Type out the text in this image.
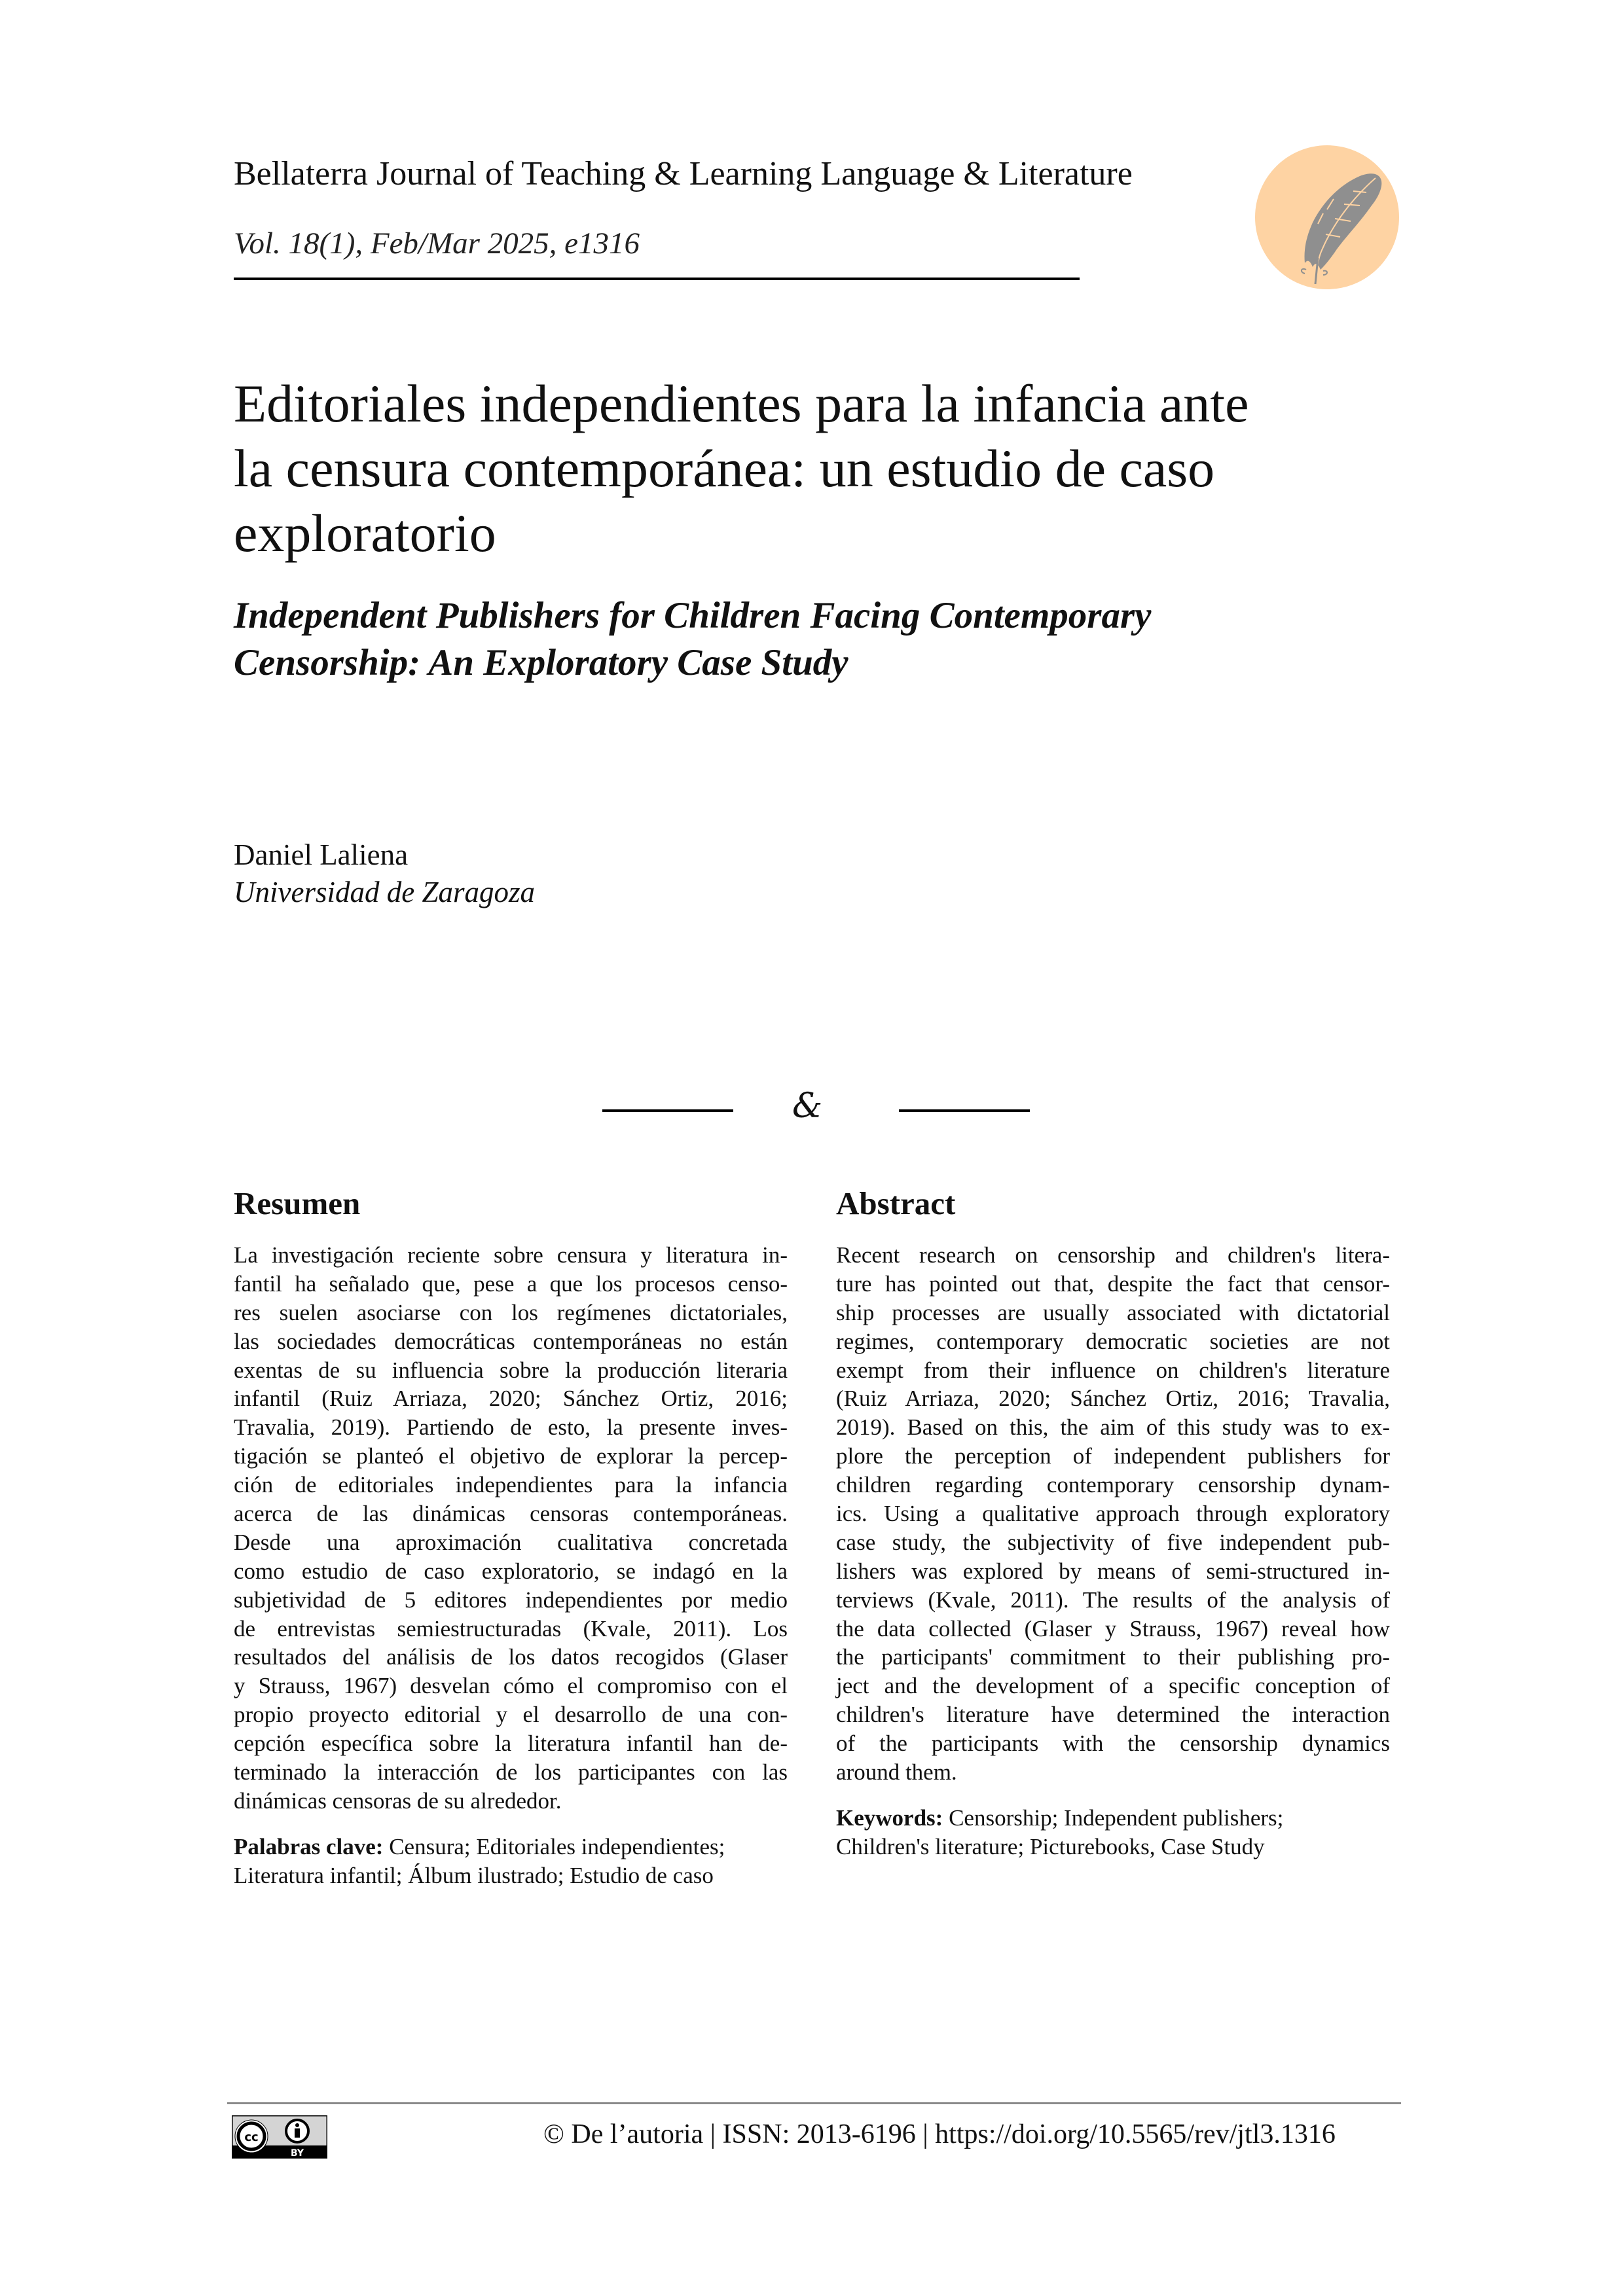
Bellaterra Journal of Teaching & Learning Language & Literature
Vol. 18(1), Feb/Mar 2025, e1316
Editoriales independientes para la infancia ante
la censura contemporánea: un estudio de caso
exploratorio
Independent Publishers for Children Facing Contemporary
Censorship: An Exploratory Case Study
Daniel Laliena
Universidad de Zaragoza
&
Resumen
La investigación reciente sobre censura y literatura in-
fantil ha señalado que, pese a que los procesos censo-
res suelen asociarse con los regímenes dictatoriales,
las sociedades democráticas contemporáneas no están
exentas de su influencia sobre la producción literaria
infantil (Ruiz Arriaza, 2020; Sánchez Ortiz, 2016;
Travalia, 2019). Partiendo de esto, la presente inves-
tigación se planteó el objetivo de explorar la percep-
ción de editoriales independientes para la infancia
acerca de las dinámicas censoras contemporáneas.
Desde una aproximación cualitativa concretada
como estudio de caso exploratorio, se indagó en la
subjetividad de 5 editores independientes por medio
de entrevistas semiestructuradas (Kvale, 2011). Los
resultados del análisis de los datos recogidos (Glaser
y Strauss, 1967) desvelan cómo el compromiso con el
propio proyecto editorial y el desarrollo de una con-
cepción específica sobre la literatura infantil han de-
terminado la interacción de los participantes con las
dinámicas censoras de su alrededor.
Palabras clave: Censura; Editoriales independientes;
Literatura infantil; Álbum ilustrado; Estudio de caso
Abstract
Recent research on censorship and children's litera-
ture has pointed out that, despite the fact that censor-
ship processes are usually associated with dictatorial
regimes, contemporary democratic societies are not
exempt from their influence on children's literature
(Ruiz Arriaza, 2020; Sánchez Ortiz, 2016; Travalia,
2019). Based on this, the aim of this study was to ex-
plore the perception of independent publishers for
children regarding contemporary censorship dynam-
ics. Using a qualitative approach through exploratory
case study, the subjectivity of five independent pub-
lishers was explored by means of semi-structured in-
terviews (Kvale, 2011). The results of the analysis of
the data collected (Glaser y Strauss, 1967) reveal how
the participants' commitment to their publishing pro-
ject and the development of a specific conception of
children's literature have determined the interaction
of the participants with the censorship dynamics
around them.
Keywords: Censorship; Independent publishers;
Children's literature; Picturebooks, Case Study
cc
BY
© De l’autoria | ISSN: 2013-6196 | https://doi.org/10.5565/rev/jtl3.1316
